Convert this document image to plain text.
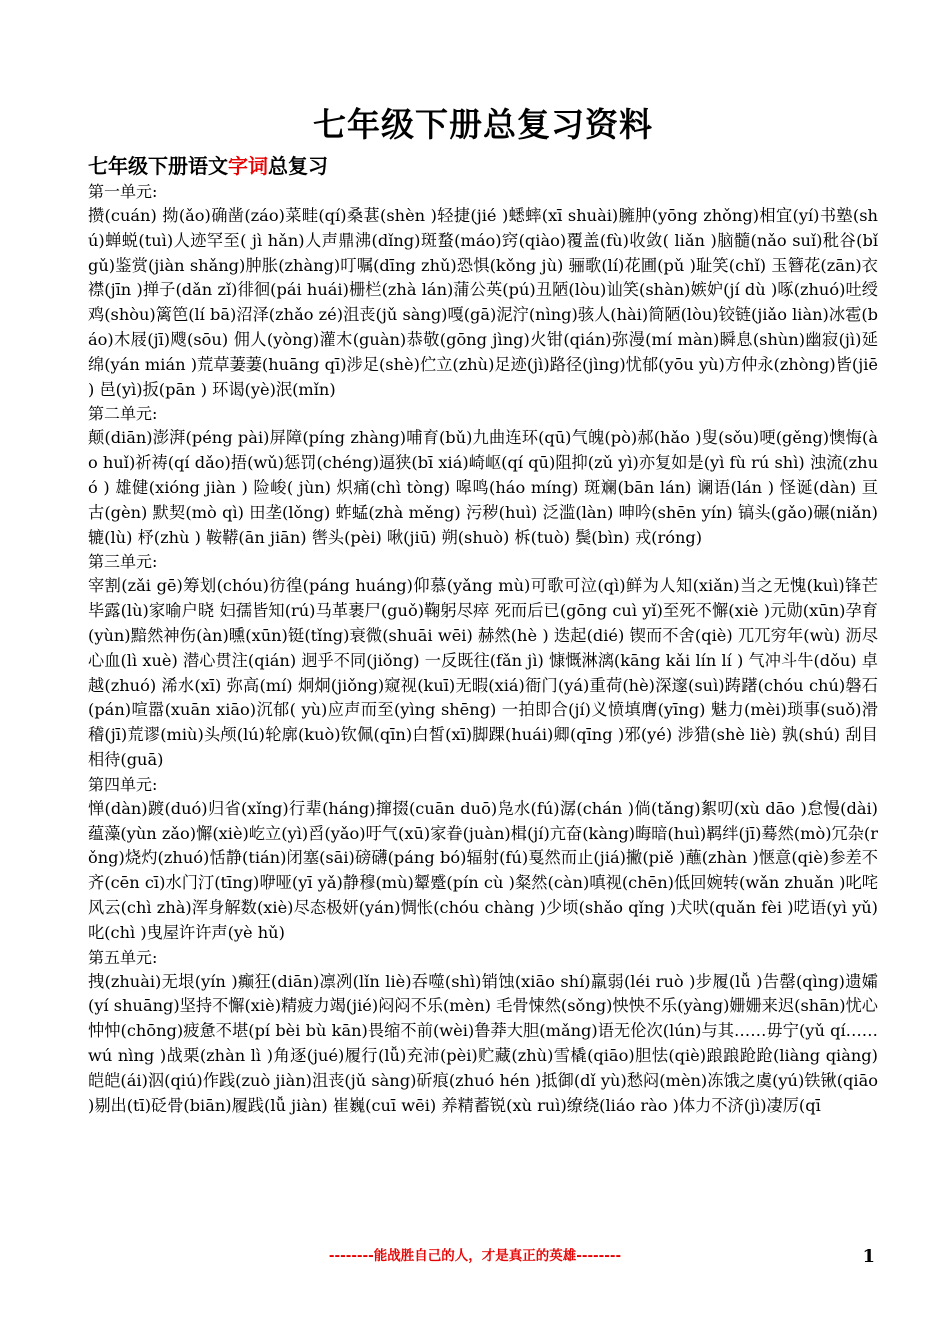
七年级下册总复习资料
七年级下册语文字词总复习

第一单元:

攒(cuán) 拗(ǎo)确凿(záo)菜畦(qí)桑葚(shèn )轻捷(jié )蟋蟀(xī shuài)臃肿(yōng zhǒng)相宜(yí)书塾(shú)蝉蜕(tuì)人迹罕至( jì hǎn)人声鼎沸(dǐng)斑蝥(máo)窍(qiào)覆盖(fù)收敛( liǎn )脑髓(nǎo suǐ)秕谷(bǐ gǔ)鉴赏(jiàn shǎng)肿胀(zhàng)叮嘱(dīng zhǔ)恐惧(kǒng jù) 骊歌(lí)花圃(pǔ )耻笑(chǐ) 玉簪花(zān)衣襟(jīn )掸子(dǎn zǐ)徘徊(pái huái)栅栏(zhà lán)蒲公英(pú)丑陋(lòu)讪笑(shàn)嫉妒(jí dù )啄(zhuó)吐绶鸡(shòu)篱笆(lí bā)沼泽(zhǎo zé)沮丧(jǔ sàng)嘎(gā)泥泞(nìng)骇人(hài)简陋(lòu)铰链(jiǎo liàn)冰雹(báo)木屐(jī)飕(sōu) 佣人(yòng)灌木(guàn)恭敬(gōng jìng)火钳(qián)弥漫(mí màn)瞬息(shùn)幽寂(jì)延绵(yán mián )荒草萋萋(huāng qī)涉足(shè)伫立(zhù)足迹(jì)路径(jìng)忧郁(yōu yù)方仲永(zhòng)皆(jiē ) 邑(yì)扳(pān ) 环谒(yè)泯(mǐn)

第二单元:

颠(diān)澎湃(péng pài)屏障(píng zhàng)哺育(bǔ)九曲连环(qū)气魄(pò)郝(hǎo )叟(sǒu)哽(gěng)懊悔(ào huǐ)祈祷(qí dǎo)捂(wǔ)惩罚(chéng)逼狭(bī xiá)崎岖(qí qū)阻抑(zǔ yì)亦复如是(yì fù rú shì) 浊流(zhuó ) 雄健(xióng jiàn ) 险峻( jùn) 炽痛(chì tòng) 嗥鸣(háo míng) 斑斓(bān lán) 谰语(lán ) 怪诞(dàn) 亘古(gèn) 默契(mò qì) 田垄(lǒng) 蚱蜢(zhà měng) 污秽(huì) 泛滥(làn) 呻吟(shēn yín) 镐头(gǎo)碾(niǎn)辘(lù) 杼(zhù ) 鞍鞯(ān jiān) 辔头(pèi) 啾(jiū) 朔(shuò) 柝(tuò) 鬓(bìn) 戎(róng)

第三单元:

宰割(zǎi gē)筹划(chóu)彷徨(páng huáng)仰慕(yǎng mù)可歌可泣(qì)鲜为人知(xiǎn)当之无愧(kuì)锋芒毕露(lù)家喻户晓 妇孺皆知(rú)马革裹尸(guǒ)鞠躬尽瘁 死而后已(gōng cuì yǐ)至死不懈(xiè )元勋(xūn)孕育(yùn)黯然神伤(àn)曛(xūn)铤(tǐng)衰微(shuāi wēi) 赫然(hè ) 迭起(dié) 锲而不舍(qiè) 兀兀穷年(wù) 沥尽心血(lì xuè) 潜心贯注(qián) 迥乎不同(jiǒng) 一反既往(fǎn jì) 慷慨淋漓(kāng kǎi lín lí ) 气冲斗牛(dǒu) 卓越(zhuó) 浠水(xī) 弥高(mí) 炯炯(jiǒng)窥视(kuī)无暇(xiá)衙门(yá)重荷(hè)深邃(suì)踌躇(chóu chú)磐石(pán)喧嚣(xuān xiāo)沉郁( yù)应声而至(yìng shēng) 一拍即合(jí)义愤填膺(yīng) 魅力(mèi)琐事(suǒ)滑稽(jī)荒谬(miù)头颅(lú)轮廓(kuò)钦佩(qīn)白皙(xī)脚踝(huái)卿(qīng )邪(yé) 涉猎(shè liè) 孰(shú) 刮目相待(guā)

第四单元:

惮(dàn)踱(duó)归省(xǐng)行辈(háng)撺掇(cuān duō)凫水(fú)潺(chán )倘(tǎng)絮叨(xù dāo )怠慢(dài)蕴藻(yùn zǎo)懈(xiè)屹立(yì)舀(yǎo)吁气(xū)家眷(juàn)楫(jí)亢奋(kàng)晦暗(huì)羁绊(jī)蓦然(mò)冗杂(rǒng)烧灼(zhuó)恬静(tián)闭塞(sāi)磅礴(páng bó)辐射(fú)戛然而止(jiá)撇(piě )蘸(zhàn )惬意(qiè)参差不齐(cēn cī)水门汀(tīng)咿哑(yī yǎ)静穆(mù)颦蹙(pín cù )粲然(càn)嗔视(chēn)低回婉转(wǎn zhuǎn )叱咤风云(chì zhà)浑身解数(xiè)尽态极妍(yán)惆怅(chóu chàng )少顷(shǎo qǐng )犬吠(quǎn fèi )呓语(yì yǔ)叱(chì )曳屋许许声(yè hǔ)

第五单元:

拽(zhuài)无垠(yín )癫狂(diān)凛冽(lǐn liè)吞噬(shì)销蚀(xiāo shí)羸弱(léi ruò )步履(lǚ )告罄(qìng)遗孀(yí shuāng)坚持不懈(xiè)精疲力竭(jié)闷闷不乐(mèn) 毛骨悚然(sǒng)怏怏不乐(yàng)姗姗来迟(shān)忧心忡忡(chōng)疲惫不堪(pí bèi bù kān)畏缩不前(wèi)鲁莽大胆(mǎng)语无伦次(lún)与其……毋宁(yǔ qí……wú nìng )战栗(zhàn lì )角逐(jué)履行(lǚ)充沛(pèi)贮藏(zhù)雪橇(qiāo)胆怯(qiè)踉踉跄跄(liàng qiàng)皑皑(ái)泅(qiú)作践(zuò jiàn)沮丧(jǔ sàng)斫痕(zhuó hén )抵御(dǐ yù)愁闷(mèn)冻饿之虞(yú)铁锹(qiāo )剔出(tī)砭骨(biān)履践(lǚ jiàn) 崔巍(cuī wēi) 养精蓄锐(xù ruì)缭绕(liáo rào )体力不济(jì)凄厉(qī

--------能战胜自己的人，才是真正的英雄--------	1
